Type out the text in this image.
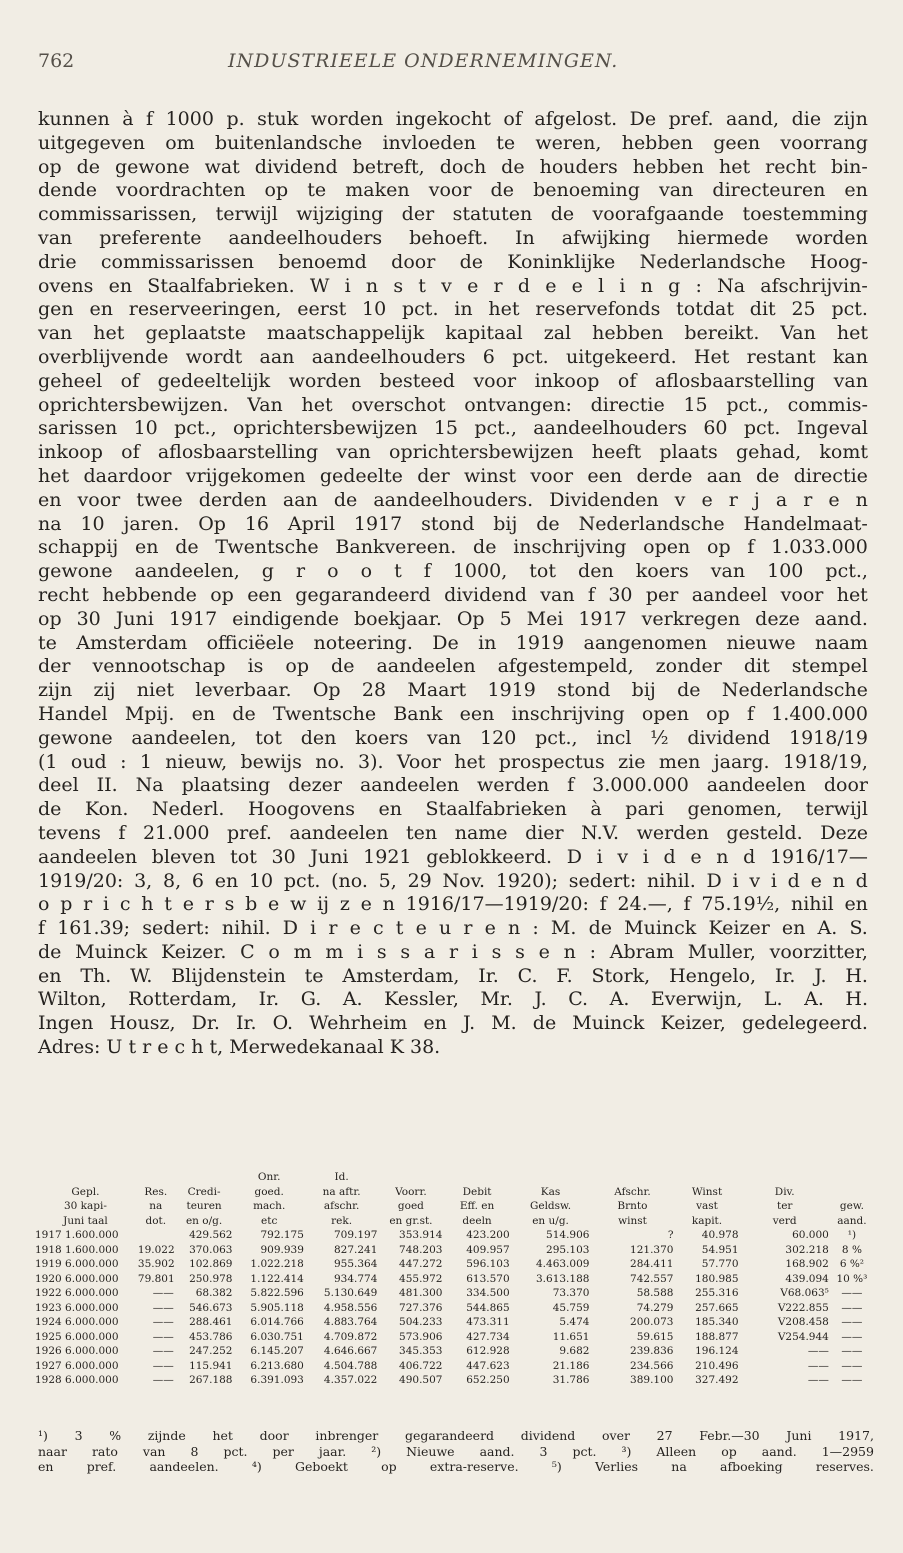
762	INDUSTRIEELE ONDERNEMINGEN.
kunnen à f 1000 p. stuk worden ingekocht of afgelost. De pref. aand, die zijn
uitgegeven om buitenlandsche invloeden te weren, hebben geen voorrang
op de gewone wat dividend betreft, doch de houders hebben het recht bin-
dende voordrachten op te maken voor de benoeming van directeuren en
commissarissen, terwijl wijziging der statuten de voorafgaande toestemming
van preferente aandeelhouders behoeft. In afwijking hiermede worden
drie commissarissen benoemd door de Koninklijke Nederlandsche Hoog-
ovens en Staalfabrieken. W i n s t v e r d e e l i n g : Na afschrijvin-
gen en reserveeringen, eerst 10 pct. in het reservefonds totdat dit 25 pct.
van het geplaatste maatschappelijk kapitaal zal hebben bereikt. Van het
overblijvende wordt aan aandeelhouders 6 pct. uitgekeerd. Het restant kan
geheel of gedeeltelijk worden besteed voor inkoop of aflosbaarstelling van
oprichtersbewijzen. Van het overschot ontvangen: directie 15 pct., commis-
sarissen 10 pct., oprichtersbewijzen 15 pct., aandeelhouders 60 pct. Ingeval
inkoop of aflosbaarstelling van oprichtersbewijzen heeft plaats gehad, komt
het daardoor vrijgekomen gedeelte der winst voor een derde aan de directie
en voor twee derden aan de aandeelhouders. Dividenden v e r j a r e n
na 10 jaren. Op 16 April 1917 stond bij de Nederlandsche Handelmaat-
schappij en de Twentsche Bankvereen. de inschrijving open op f 1.033.000
gewone aandeelen, g r o o t f 1000, tot den koers van 100 pct.,
recht hebbende op een gegarandeerd dividend van f 30 per aandeel voor het
op 30 Juni 1917 eindigende boekjaar. Op 5 Mei 1917 verkregen deze aand.
te Amsterdam officiëele noteering. De in 1919 aangenomen nieuwe naam
der vennootschap is op de aandeelen afgestempeld, zonder dit stempel
zijn zij niet leverbaar. Op 28 Maart 1919 stond bij de Nederlandsche
Handel Mpij. en de Twentsche Bank een inschrijving open op f 1.400.000
gewone aandeelen, tot den koers van 120 pct., incl ½ dividend 1918/19
(1 oud : 1 nieuw, bewijs no. 3). Voor het prospectus zie men jaarg. 1918/19,
deel II. Na plaatsing dezer aandeelen werden f 3.000.000 aandeelen door
de Kon. Nederl. Hoogovens en Staalfabrieken à pari genomen, terwijl
tevens f 21.000 pref. aandeelen ten name dier N.V. werden gesteld. Deze
aandeelen bleven tot 30 Juni 1921 geblokkeerd. D i v i d e n d 1916/17—
1919/20: 3, 8, 6 en 10 pct. (no. 5, 29 Nov. 1920); sedert: nihil. D i v i d e n d
o p r i c h t e r s b e w ij z e n 1916/17—1919/20: f 24.—, f 75.19½, nihil en
f 161.39; sedert: nihil. D i r e c t e u r e n : M. de Muinck Keizer en A. S.
de Muinck Keizer. C o m m i s s a r i s s e n : Abram Muller, voorzitter,
en Th. W. Blijdenstein te Amsterdam, Ir. C. F. Stork, Hengelo, Ir. J. H.
Wilton, Rotterdam, Ir. G. A. Kessler, Mr. J. C. A. Everwijn, L. A. H.
Ingen Housz, Dr. Ir. O. Wehrheim en J. M. de Muinck Keizer, gedelegeerd.
Adres: U t r e c h t, Merwedekanaal K 38.
			Onr.	Id.							
Gepl.	Res.	Credi-	goed.	na aftr.	Voorr.	Debit	Kas	Afschr.	Winst	Div.	
30 kapi-	na	teuren	mach.	afschr.	goed	Eff. en	Geldsw.	Brnto	vast	ter	gew.
Juni taal	dot.	en o/g.	etc	rek.	en gr.st.	deeln	en u/g.	winst	kapit.	verd	aand.
1917 1.600.000		429.562	792.175	709.197	353.914	423.200	514.906	?	40.978	60.000	¹)
1918 1.600.000	19.022	370.063	909.939	827.241	748.203	409.957	295.103	121.370	54.951	302.218	8 %
1919 6.000.000	35.902	102.869	1.022.218	955.364	447.272	596.103	4.463.009	284.411	57.770	168.902	6 %²
1920 6.000.000	79.801	250.978	1.122.414	934.774	455.972	613.570	3.613.188	742.557	180.985	439.094	10 %³
1922 6.000.000	——	68.382	5.822.596	5.130.649	481.300	334.500	73.370	58.588	255.316	V68.063⁵	——
1923 6.000.000	——	546.673	5.905.118	4.958.556	727.376	544.865	45.759	74.279	257.665	V222.855	——
1924 6.000.000	——	288.461	6.014.766	4.883.764	504.233	473.311	5.474	200.073	185.340	V208.458	——
1925 6.000.000	——	453.786	6.030.751	4.709.872	573.906	427.734	11.651	59.615	188.877	V254.944	——
1926 6.000.000	——	247.252	6.145.207	4.646.667	345.353	612.928	9.682	239.836	196.124	——	——
1927 6.000.000	——	115.941	6.213.680	4.504.788	406.722	447.623	21.186	234.566	210.496	——	——
1928 6.000.000	——	267.188	6.391.093	4.357.022	490.507	652.250	31.786	389.100	327.492	——	——
¹) 3 % zijnde het door inbrenger gegarandeerd dividend over 27 Febr.—30 Juni 1917,
naar rato van 8 pct. per jaar. ²) Nieuwe aand. 3 pct. ³) Alleen op aand. 1—2959
en	pref.	aandeelen.	⁴)	Geboekt	op	extra-reserve.	⁵)	Verlies	na	afboeking	reserves.
